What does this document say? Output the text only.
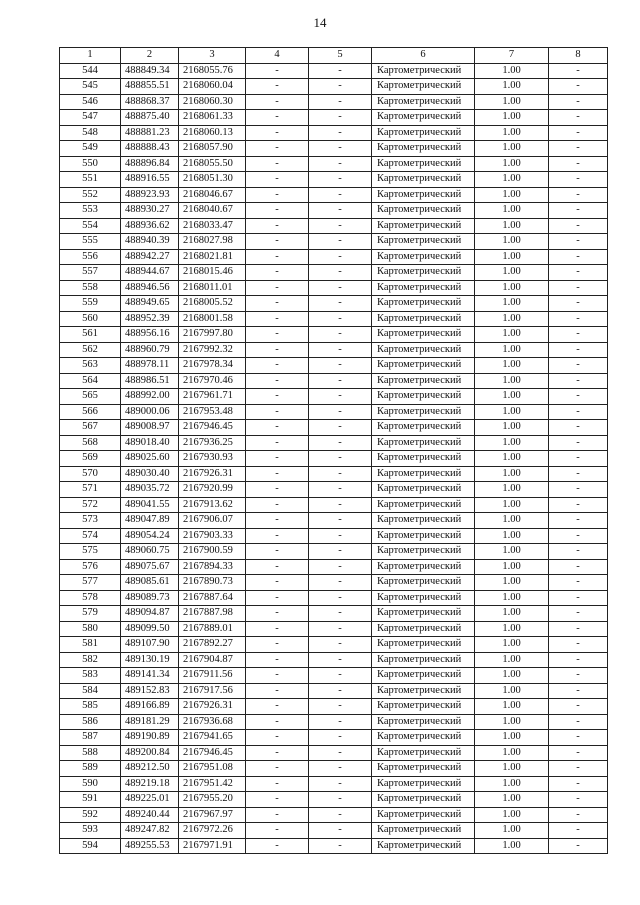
14
1	2	3	4	5	6	7	8
544	488849.34	2168055.76	-	-	Картометрический	1.00	-
545	488855.51	2168060.04	-	-	Картометрический	1.00	-
546	488868.37	2168060.30	-	-	Картометрический	1.00	-
547	488875.40	2168061.33	-	-	Картометрический	1.00	-
548	488881.23	2168060.13	-	-	Картометрический	1.00	-
549	488888.43	2168057.90	-	-	Картометрический	1.00	-
550	488896.84	2168055.50	-	-	Картометрический	1.00	-
551	488916.55	2168051.30	-	-	Картометрический	1.00	-
552	488923.93	2168046.67	-	-	Картометрический	1.00	-
553	488930.27	2168040.67	-	-	Картометрический	1.00	-
554	488936.62	2168033.47	-	-	Картометрический	1.00	-
555	488940.39	2168027.98	-	-	Картометрический	1.00	-
556	488942.27	2168021.81	-	-	Картометрический	1.00	-
557	488944.67	2168015.46	-	-	Картометрический	1.00	-
558	488946.56	2168011.01	-	-	Картометрический	1.00	-
559	488949.65	2168005.52	-	-	Картометрический	1.00	-
560	488952.39	2168001.58	-	-	Картометрический	1.00	-
561	488956.16	2167997.80	-	-	Картометрический	1.00	-
562	488960.79	2167992.32	-	-	Картометрический	1.00	-
563	488978.11	2167978.34	-	-	Картометрический	1.00	-
564	488986.51	2167970.46	-	-	Картометрический	1.00	-
565	488992.00	2167961.71	-	-	Картометрический	1.00	-
566	489000.06	2167953.48	-	-	Картометрический	1.00	-
567	489008.97	2167946.45	-	-	Картометрический	1.00	-
568	489018.40	2167936.25	-	-	Картометрический	1.00	-
569	489025.60	2167930.93	-	-	Картометрический	1.00	-
570	489030.40	2167926.31	-	-	Картометрический	1.00	-
571	489035.72	2167920.99	-	-	Картометрический	1.00	-
572	489041.55	2167913.62	-	-	Картометрический	1.00	-
573	489047.89	2167906.07	-	-	Картометрический	1.00	-
574	489054.24	2167903.33	-	-	Картометрический	1.00	-
575	489060.75	2167900.59	-	-	Картометрический	1.00	-
576	489075.67	2167894.33	-	-	Картометрический	1.00	-
577	489085.61	2167890.73	-	-	Картометрический	1.00	-
578	489089.73	2167887.64	-	-	Картометрический	1.00	-
579	489094.87	2167887.98	-	-	Картометрический	1.00	-
580	489099.50	2167889.01	-	-	Картометрический	1.00	-
581	489107.90	2167892.27	-	-	Картометрический	1.00	-
582	489130.19	2167904.87	-	-	Картометрический	1.00	-
583	489141.34	2167911.56	-	-	Картометрический	1.00	-
584	489152.83	2167917.56	-	-	Картометрический	1.00	-
585	489166.89	2167926.31	-	-	Картометрический	1.00	-
586	489181.29	2167936.68	-	-	Картометрический	1.00	-
587	489190.89	2167941.65	-	-	Картометрический	1.00	-
588	489200.84	2167946.45	-	-	Картометрический	1.00	-
589	489212.50	2167951.08	-	-	Картометрический	1.00	-
590	489219.18	2167951.42	-	-	Картометрический	1.00	-
591	489225.01	2167955.20	-	-	Картометрический	1.00	-
592	489240.44	2167967.97	-	-	Картометрический	1.00	-
593	489247.82	2167972.26	-	-	Картометрический	1.00	-
594	489255.53	2167971.91	-	-	Картометрический	1.00	-
